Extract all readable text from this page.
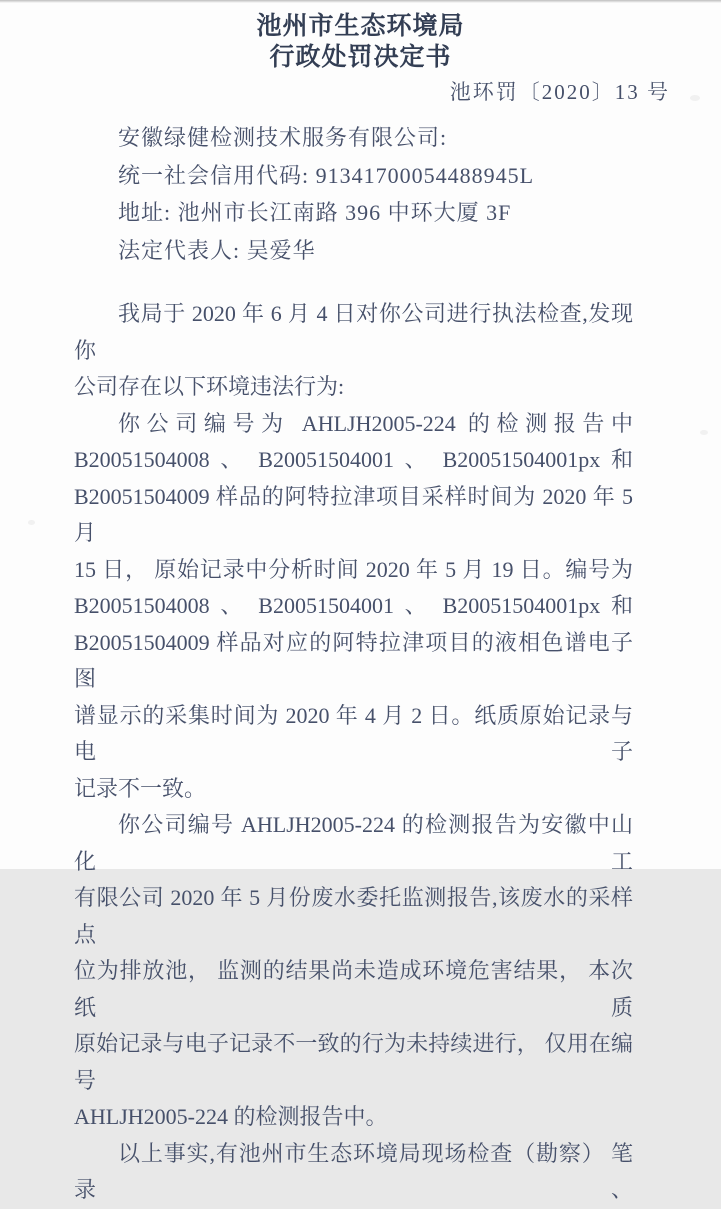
池州市生态环境局
行政处罚决定书
池环罚〔2020〕13 号
安徽绿健检测技术服务有限公司:
统一社会信用代码: 91341700054488945L
地址: 池州市长江南路 396 中环大厦 3F
法定代表人: 吴爱华
我局于 2020 年 6 月 4 日对你公司进行执法检查,发现你
公司存在以下环境违法行为:
你公司编号为 AHLJH2005-224 的检测报告中
B20051504008 、 B20051504001 、 B20051504001px 和
B20051504009 样品的阿特拉津项目采样时间为 2020 年 5 月
15 日， 原始记录中分析时间 2020 年 5 月 19 日。编号为
B20051504008 、 B20051504001 、 B20051504001px 和
B20051504009 样品对应的阿特拉津项目的液相色谱电子图
谱显示的采集时间为 2020 年 4 月 2 日。纸质原始记录与电子
记录不一致。
你公司编号 AHLJH2005-224 的检测报告为安徽中山化工
有限公司 2020 年 5 月份废水委托监测报告,该废水的采样点
位为排放池， 监测的结果尚未造成环境危害结果， 本次纸质
原始记录与电子记录不一致的行为未持续进行， 仅用在编号
AHLJH2005-224 的检测报告中。
以上事实,有池州市生态环境局现场检查（勘察） 笔录、
